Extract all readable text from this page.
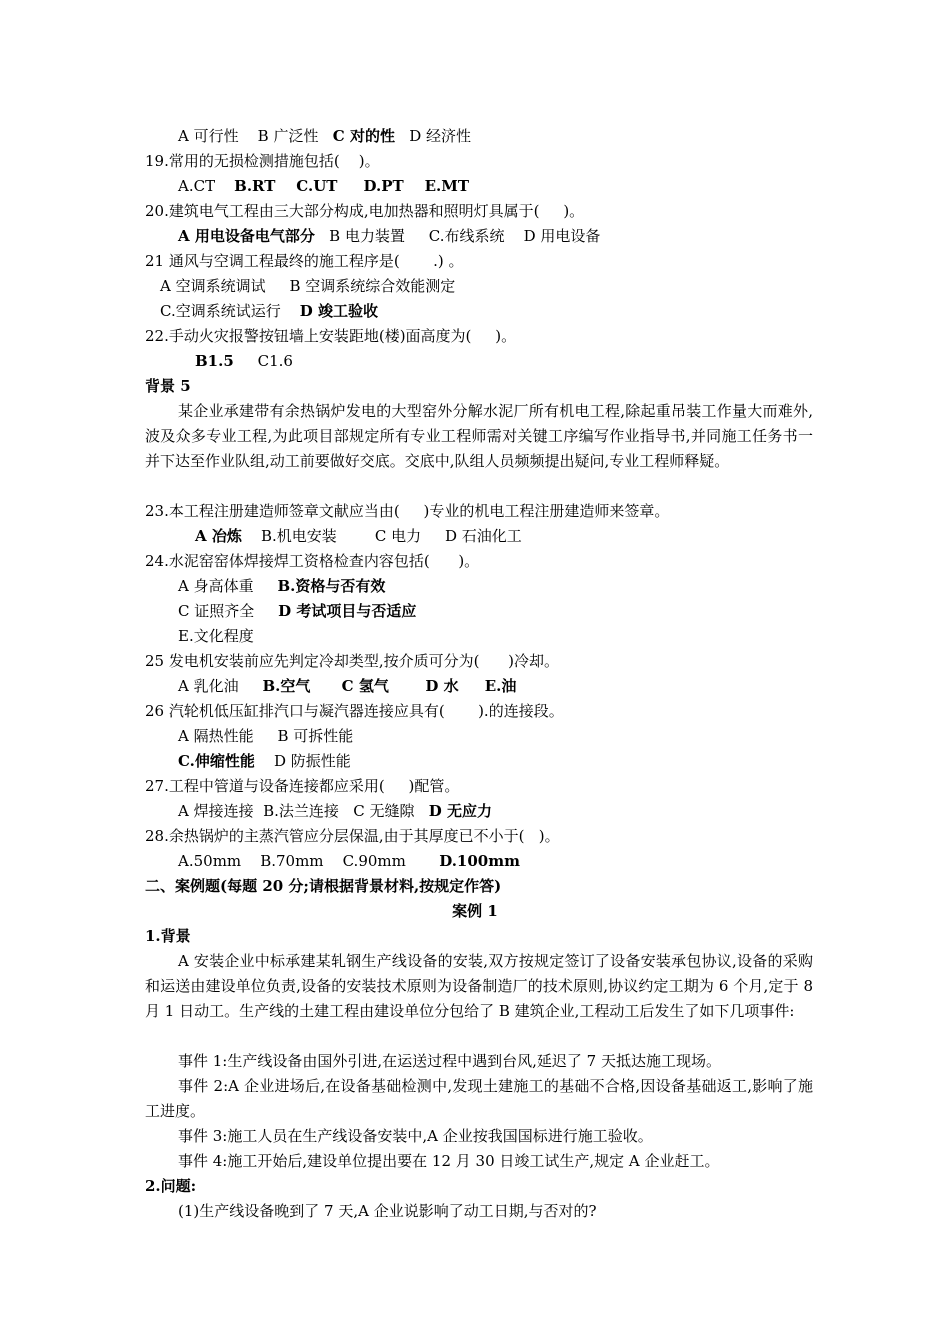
A 可行性    B 广泛性   C 对的性   D 经济性
19.常用的无损检测措施包括(    )。
A.CT    B.RT    C.UT     D.PT    E.MT
20.建筑电气工程由三大部分构成,电加热器和照明灯具属于(     )。
A 用电设备电气部分   B 电力装置     C.布线系统    D 用电设备
21 通风与空调工程最终的施工程序是(       .) 。
A 空调系统调试     B 空调系统综合效能测定
C.空调系统试运行    D 竣工验收
22.手动火灾报警按钮墙上安装距地(楼)面高度为(     )。
B1.5     C1.6
背景 5
23.本工程注册建造师签章文献应当由(     )专业的机电工程注册建造师来签章。
A 冶炼    B.机电安装        C 电力     D 石油化工
24.水泥窑窑体焊接焊工资格检查内容包括(      )。
A 身高体重     B.资格与否有效
C 证照齐全     D 考试项目与否适应
E.文化程度
25 发电机安装前应先判定冷却类型,按介质可分为(      )冷却。
A 乳化油     B.空气      C 氢气       D 水     E.油
26 汽轮机低压缸排汽口与凝汽器连接应具有(       ).的连接段。
A 隔热性能     B 可拆性能
C.伸缩性能    D 防振性能
27.工程中管道与设备连接都应采用(     )配管。
A 焊接连接  B.法兰连接   C 无缝隙   D 无应力
28.余热锅炉的主蒸汽管应分层保温,由于其厚度已不小于(   )。
A.50mm    B.70mm    C.90mm       D.100mm
二、案例题(每题 20 分;请根据背景材料,按规定作答)
案例 1
1.背景
事件 1:生产线设备由国外引进,在运送过程中遇到台风,延迟了 7 天抵达施工现场。
事件 3:施工人员在生产线设备安装中,A 企业按我国国标进行施工验收。
事件 4:施工开始后,建设单位提出要在 12 月 30 日竣工试生产,规定 A 企业赶工。
2.问题:
(1)生产线设备晚到了 7 天,A 企业说影响了动工日期,与否对的?
某企业承建带有余热锅炉发电的大型窑外分解水泥厂所有机电工程,除起重吊装工作量大而难外,波及众多专业工程,为此项目部规定所有专业工程师需对关键工序编写作业指导书,并同施工任务书一并下达至作业队组,动工前要做好交底。交底中,队组人员频频提出疑问,专业工程师释疑。
A 安装企业中标承建某轧钢生产线设备的安装,双方按规定签订了设备安装承包协议,设备的采购和运送由建设单位负责,设备的安装技术原则为设备制造厂的技术原则,协议约定工期为 6 个月,定于 8 月 1 日动工。生产线的土建工程由建设单位分包给了 B 建筑企业,工程动工后发生了如下几项事件:
事件 2:A 企业进场后,在设备基础检测中,发现土建施工的基础不合格,因设备基础返工,影响了施工进度。
